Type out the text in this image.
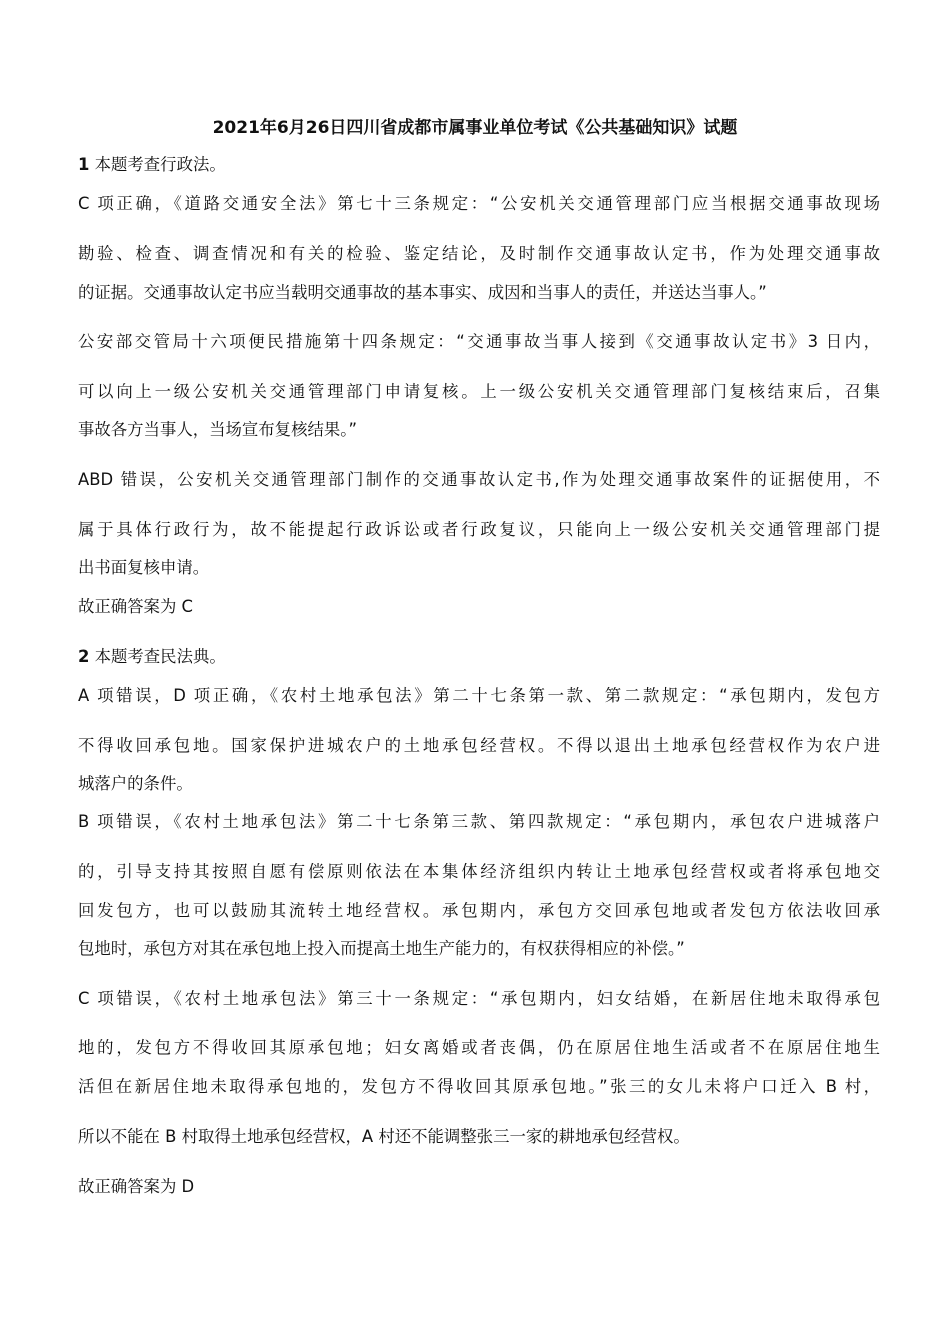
2021年6月26日四川省成都市属事业单位考试《公共基础知识》试题
1 本题考查行政法。
C 项正确，《道路交通安全法》第七十三条规定：“公安机关交通管理部门应当根据交通事故现场
勘验、检查、调查情况和有关的检验、鉴定结论，及时制作交通事故认定书，作为处理交通事故
的证据。交通事故认定书应当载明交通事故的基本事实、成因和当事人的责任，并送达当事人。”
公安部交管局十六项便民措施第十四条规定：“交通事故当事人接到《交通事故认定书》3 日内，
可以向上一级公安机关交通管理部门申请复核。上一级公安机关交通管理部门复核结束后，召集
事故各方当事人，当场宣布复核结果。”
ABD 错误，公安机关交通管理部门制作的交通事故认定书,作为处理交通事故案件的证据使用，不
属于具体行政行为，故不能提起行政诉讼或者行政复议，只能向上一级公安机关交通管理部门提
出书面复核申请。
故正确答案为 C
2 本题考查民法典。
A 项错误，D 项正确，《农村土地承包法》第二十七条第一款、第二款规定：“承包期内，发包方
不得收回承包地。国家保护进城农户的土地承包经营权。不得以退出土地承包经营权作为农户进
城落户的条件。
B 项错误，《农村土地承包法》第二十七条第三款、第四款规定：“承包期内，承包农户进城落户
的，引导支持其按照自愿有偿原则依法在本集体经济组织内转让土地承包经营权或者将承包地交
回发包方，也可以鼓励其流转土地经营权。承包期内，承包方交回承包地或者发包方依法收回承
包地时，承包方对其在承包地上投入而提高土地生产能力的，有权获得相应的补偿。”
C 项错误，《农村土地承包法》第三十一条规定：“承包期内，妇女结婚，在新居住地未取得承包
地的，发包方不得收回其原承包地；妇女离婚或者丧偶，仍在原居住地生活或者不在原居住地生
活但在新居住地未取得承包地的，发包方不得收回其原承包地。”张三的女儿未将户口迁入 B 村，
所以不能在 B 村取得土地承包经营权，A 村还不能调整张三一家的耕地承包经营权。
故正确答案为 D
